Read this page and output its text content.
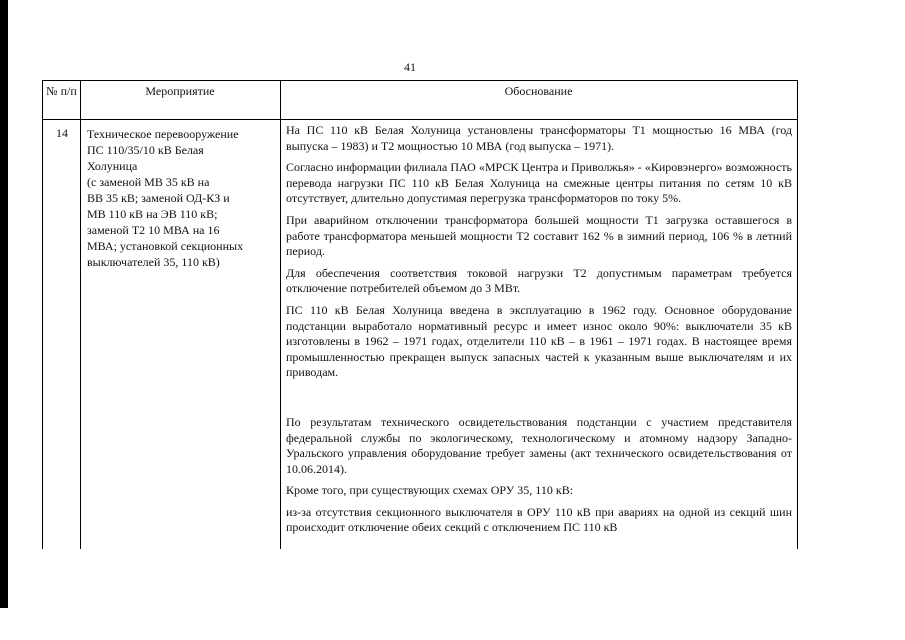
41
№ п/п	Мероприятие	Обоснование
14 Техническое перевооружение
ПС 110/35/10 кВ Белая
Холуница
(с заменой МВ 35 кВ на
ВВ 35 кВ; заменой ОД-КЗ и
МВ 110 кВ на ЭВ 110 кВ;
заменой Т2 10 МВА на 16
МВА; установкой секционных
выключателей 35, 110 кВ)

На ПС 110 кВ Белая Холуница установлены трансформаторы Т1 мощностью 16 МВА (год выпуска – 1983) и Т2 мощностью 10 МВА (год выпуска – 1971).

Согласно информации филиала ПАО «МРСК Центра и Приволжья» - «Кировэнерго» возможность перевода нагрузки ПС 110 кВ Белая Холуница на смежные центры питания по сетям 10 кВ отсутствует, длительно допустимая перегрузка трансформаторов по току 5%.

При аварийном отключении трансформатора большей мощности Т1 загрузка оставшегося в работе трансформатора меньшей мощности Т2 составит 162 % в зимний период, 106 % в летний период.

Для обеспечения соответствия токовой нагрузки Т2 допустимым параметрам требуется отключение потребителей объемом до 3 МВт.

ПС 110 кВ Белая Холуница введена в эксплуатацию в 1962 году. Основное оборудование подстанции выработало нормативный ресурс и имеет износ около 90%: выключатели 35 кВ изготовлены в 1962 – 1971 годах, отделители 110 кВ – в 1961 – 1971 годах. В настоящее время промышленностью прекращен выпуск запасных частей к указанным выше выключателям и их приводам.

По результатам технического освидетельствования подстанции с участием представителя федеральной службы по экологическому, технологическому и атомному надзору Западно-Уральского управления оборудование требует замены (акт технического освидетельствования от 10.06.2014).

Кроме того, при существующих схемах ОРУ 35, 110 кВ:

из-за отсутствия секционного выключателя в ОРУ 110 кВ при авариях на одной из секций шин происходит отключение обеих секций с отключением ПС 110 кВ
